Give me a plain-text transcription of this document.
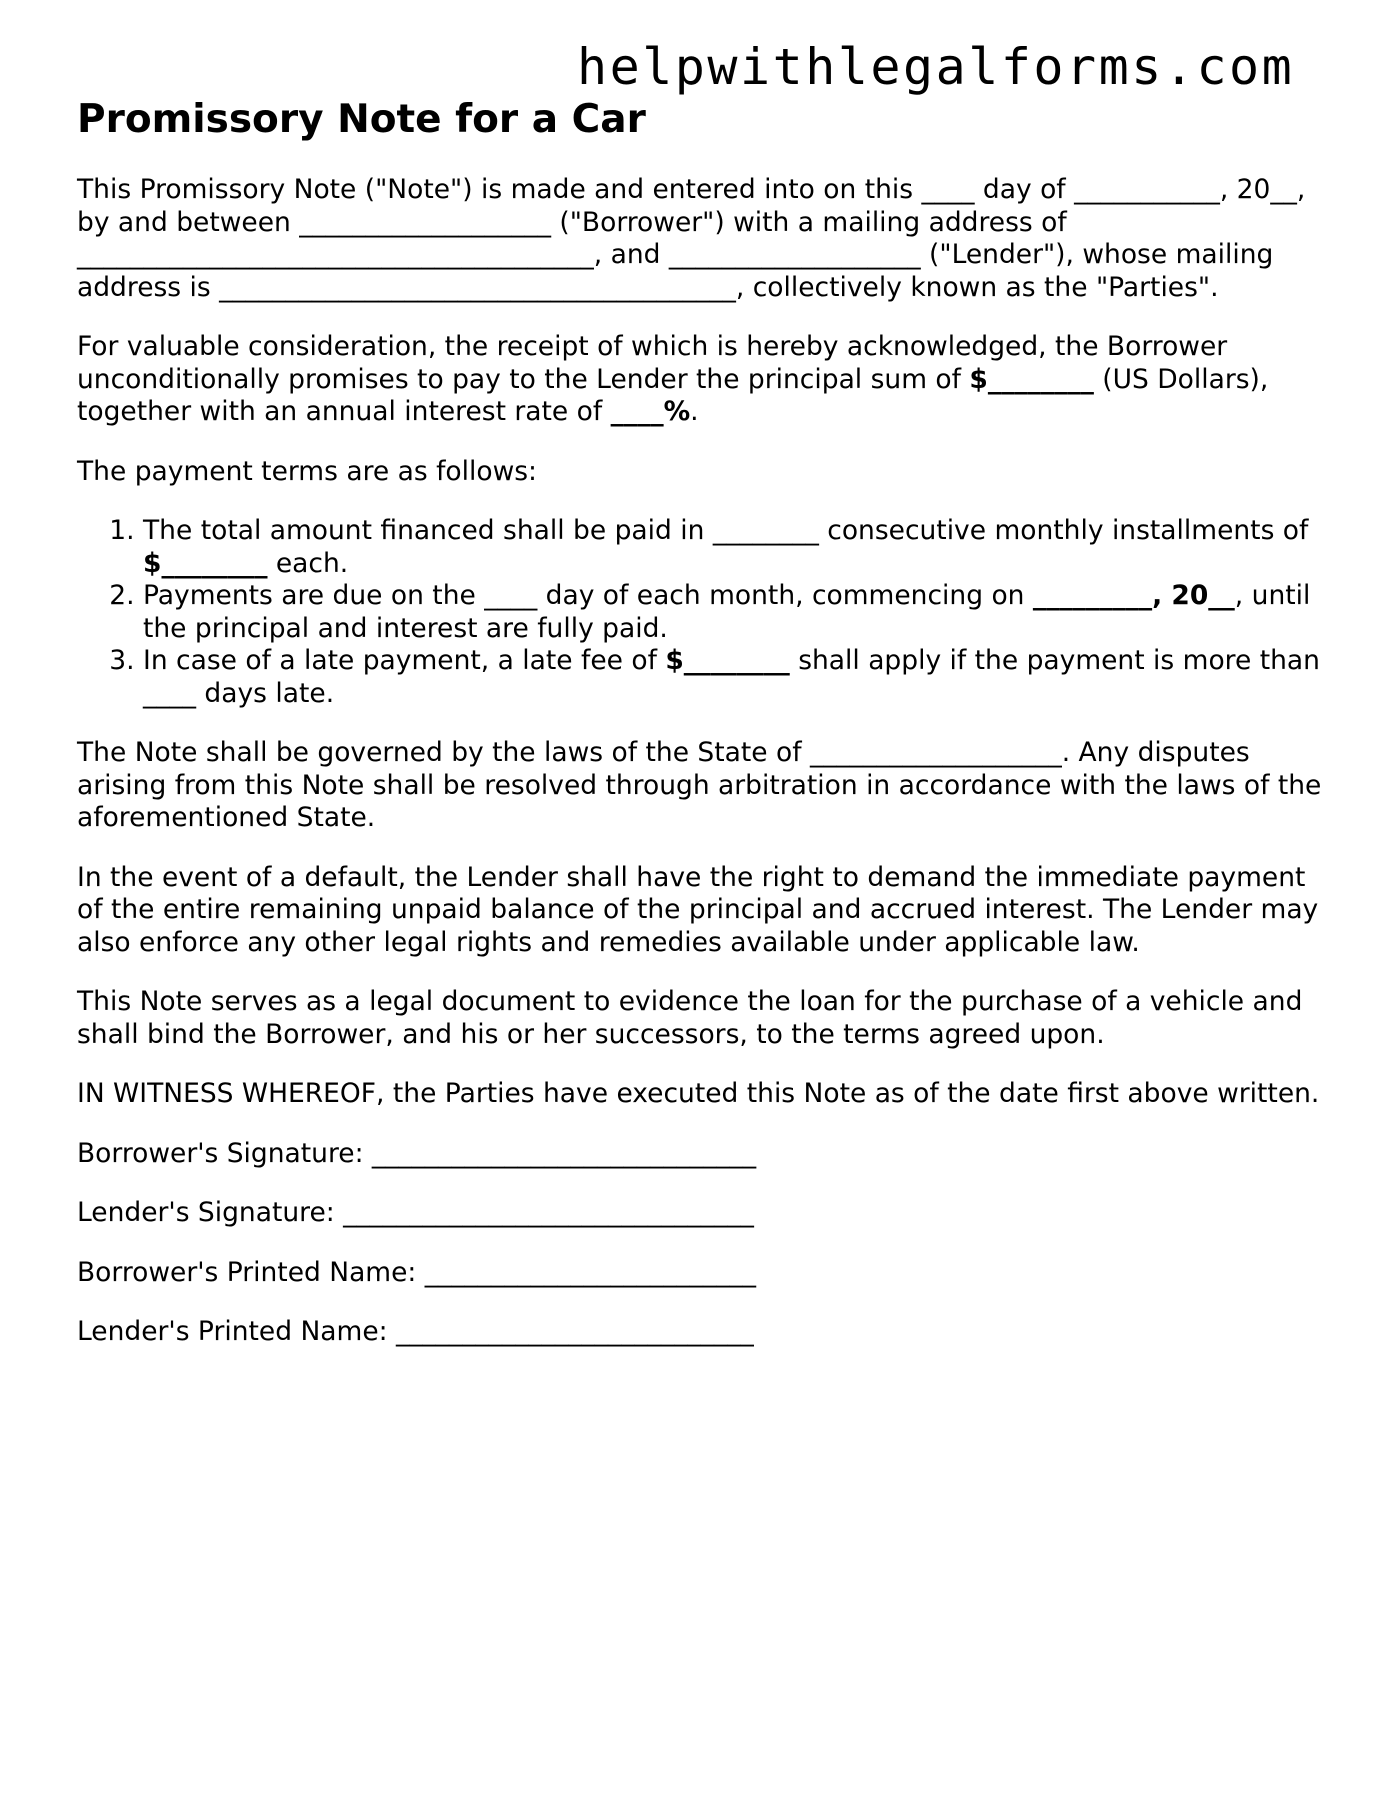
helpwithlegalforms.com
Promissory Note for a Car

This Promissory Note ("Note") is made and entered into on this ____ day of ___________, 20__, by and between ___________________ ("Borrower") with a mailing address of _______________________________________, and ___________________ ("Lender"), whose mailing address is _______________________________________, collectively known as the "Parties".

For valuable consideration, the receipt of which is hereby acknowledged, the Borrower unconditionally promises to pay to the Lender the principal sum of $________ (US Dollars), together with an annual interest rate of ____%.

The payment terms are as follows:

1. The total amount financed shall be paid in ________ consecutive monthly installments of $________ each.
2. Payments are due on the ____ day of each month, commencing on _________, 20__, until the principal and interest are fully paid.
3. In case of a late payment, a late fee of $________ shall apply if the payment is more than ____ days late.

The Note shall be governed by the laws of the State of ___________________. Any disputes arising from this Note shall be resolved through arbitration in accordance with the laws of the aforementioned State.

In the event of a default, the Lender shall have the right to demand the immediate payment of the entire remaining unpaid balance of the principal and accrued interest. The Lender may also enforce any other legal rights and remedies available under applicable law.

This Note serves as a legal document to evidence the loan for the purchase of a vehicle and shall bind the Borrower, and his or her successors, to the terms agreed upon.

IN WITNESS WHEREOF, the Parties have executed this Note as of the date first above written.

Borrower's Signature: _____________________________
Lender's Signature: _______________________________
Borrower's Printed Name: _________________________
Lender's Printed Name: ___________________________
